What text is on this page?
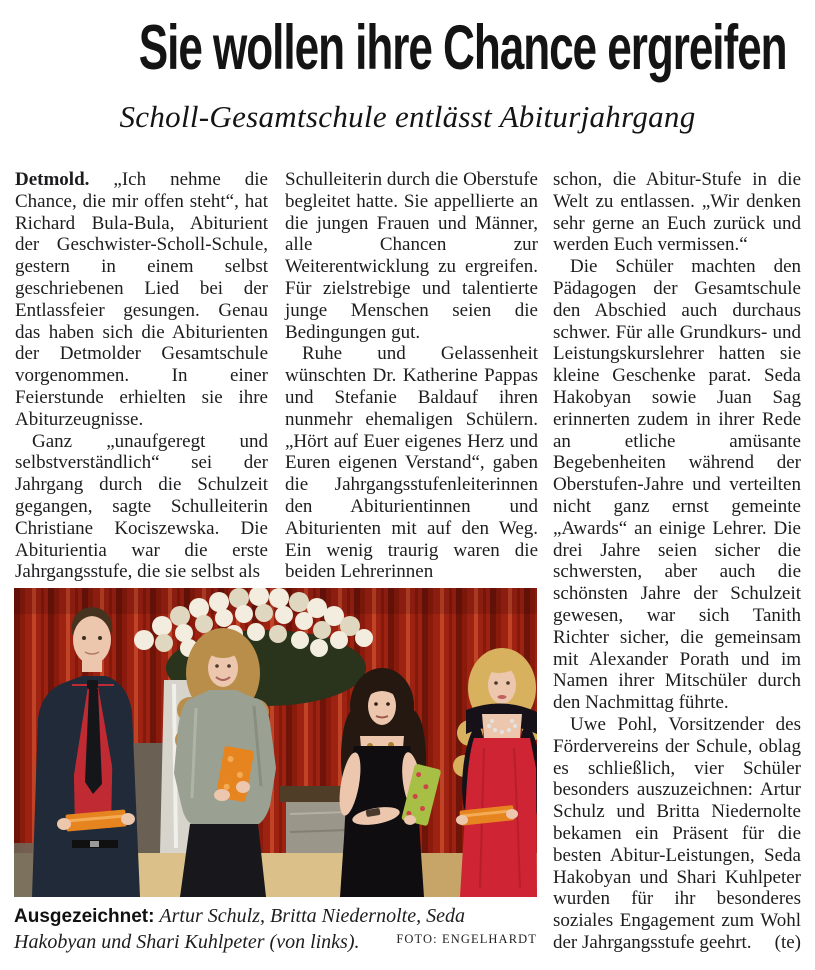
Sie wollen ihre Chance ergreifen
Scholl-Gesamtschule entlässt Abiturjahrgang

Detmold. „Ich nehme die Chance, die mir offen steht“, hat Richard Bula-Bula, Abiturient der Geschwister-Scholl-Schule, gestern in einem selbst geschriebenen Lied bei der Entlassfeier gesungen. Genau das haben sich die Abiturienten der Detmolder Gesamtschule vorgenommen. In einer Feierstunde erhielten sie ihre Abiturzeugnisse.

Ganz „unaufgeregt und selbstverständlich“ sei der Jahrgang durch die Schulzeit gegangen, sagte Schulleiterin Christiane Kociszewska. Die Abiturientia war die erste Jahrgangsstufe, die sie selbst als

Schulleiterin durch die Oberstufe begleitet hatte. Sie appellierte an die jungen Frauen und Männer, alle Chancen zur Weiterentwicklung zu ergreifen. Für zielstrebige und talentierte junge Menschen seien die Bedingungen gut.

Ruhe und Gelassenheit wünschten Dr. Katherine Pappas und Stefanie Baldauf ihren nunmehr ehemaligen Schülern. „Hört auf Euer eigenes Herz und Euren eigenen Verstand“, gaben die Jahrgangsstufenleiterinnen den Abiturientinnen und Abiturienten mit auf den Weg. Ein wenig traurig waren die beiden Lehrerinnen

schon, die Abitur-Stufe in die Welt zu entlassen. „Wir denken sehr gerne an Euch zurück und werden Euch vermissen.“

Die Schüler machten den Pädagogen der Gesamtschule den Abschied auch durchaus schwer. Für alle Grundkurs- und Leistungskurslehrer hatten sie kleine Geschenke parat. Seda Hakobyan sowie Juan Sag erinnerten zudem in ihrer Rede an etliche amüsante Begebenheiten während der Oberstufen-Jahre und verteilten nicht ganz ernst gemeinte „Awards“ an einige Lehrer. Die drei Jahre seien sicher die schwersten, aber auch die schönsten Jahre der Schulzeit gewesen, war sich Tanith Richter sicher, die gemeinsam mit Alexander Porath und im Namen ihrer Mitschüler durch den Nachmittag führte.

Uwe Pohl, Vorsitzender des Fördervereins der Schule, oblag es schließlich, vier Schüler besonders auszuzeichnen: Artur Schulz und Britta Niedernolte bekamen ein Präsent für die besten Abitur-Leistungen, Seda Hakobyan und Shari Kuhlpeter wurden für ihr besonderes soziales Engagement zum Wohl der Jahrgangsstufe geehrt.	(te)

Ausgezeichnet: Artur Schulz, Britta Niedernolte, Seda Hakobyan und Shari Kuhlpeter (von links).	FOTO: ENGELHARDT
